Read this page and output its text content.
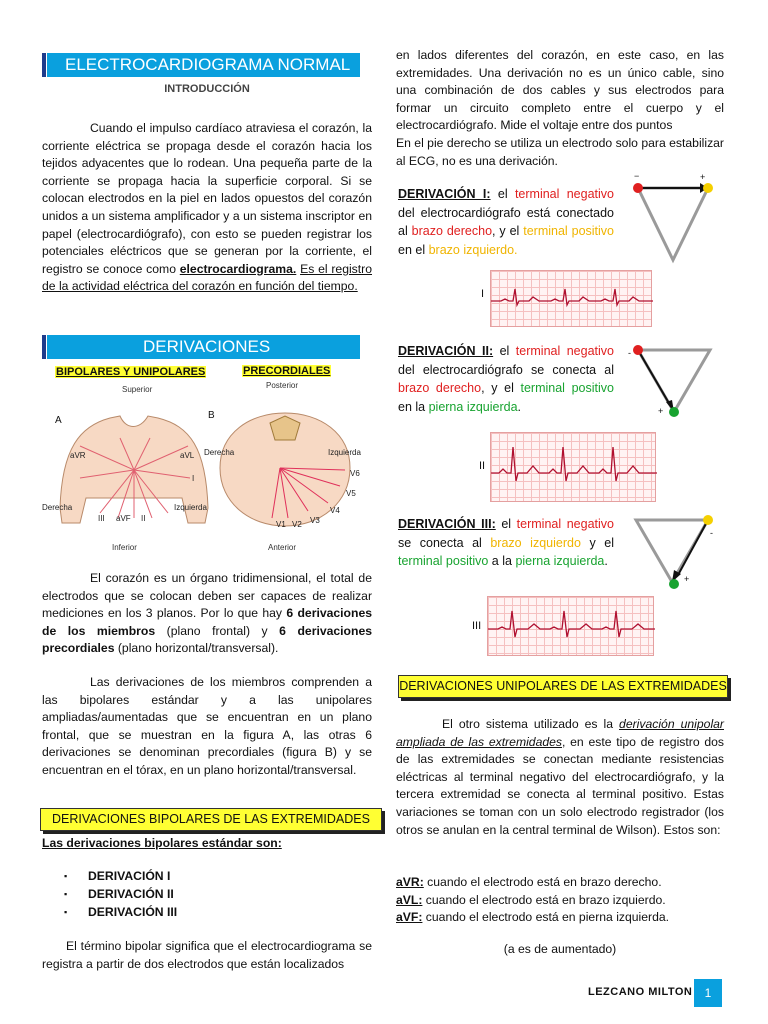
ELECTROCARDIOGRAMA NORMAL
INTRODUCCIÓN

Cuando el impulso cardíaco atraviesa el corazón, la corriente eléctrica se propaga desde el corazón hacia los tejidos adyacentes que lo rodean. Una pequeña parte de la corriente se propaga hacia la superficie corporal. Si se colocan electrodos en la piel en lados opuestos del corazón unidos a un sistema amplificador y a un sistema inscriptor en papel (electrocardiógrafo), con esto se pueden registrar los potenciales eléctricos que se generan por la corriente, el registro se conoce como electrocardiograma. Es el registro de la actividad eléctrica del corazón en función del tiempo.

DERIVACIONES
BIPOLARES Y UNIPOLARES	PRECORDIALES
Superior
A
aVR	aVL
I
III aVF II
Derecha	Izquierda
Inferior
Posterior
B
Derecha	Izquierda
V6
V5
V4
V3
V2
V1
Anterior

El corazón es un órgano tridimensional, el total de electrodos que se colocan deben ser capaces de realizar mediciones en los 3 planos. Por lo que hay 6 derivaciones de los miembros (plano frontal) y 6 derivaciones precordiales (plano horizontal/transversal).

Las derivaciones de los miembros comprenden a las bipolares estándar y a las unipolares ampliadas/aumentadas que se encuentran en un plano frontal, que se muestran en la figura A, las otras 6 derivaciones se denominan precordiales (figura B) y se encuentran en el tórax, en un plano horizontal/transversal.

DERIVACIONES BIPOLARES DE LAS EXTREMIDADES

Las derivaciones bipolares estándar son:

▪ DERIVACIÓN I
▪ DERIVACIÓN II
▪ DERIVACIÓN III

El término bipolar significa que el electrocardiograma se registra a partir de dos electrodos que están localizados

en lados diferentes del corazón, en este caso, en las extremidades. Una derivación no es un único cable, sino una combinación de dos cables y sus electrodos para formar un circuito completo entre el cuerpo y el electrocardiógrafo. Mide el voltaje entre dos puntos

En el pie derecho se utiliza un electrodo solo para estabilizar al ECG, no es una derivación.

DERIVACIÓN I: el terminal negativo del electrocardiógrafo está conectado al brazo derecho, y el terminal positivo en el brazo izquierdo.

−	+
I

DERIVACIÓN II: el terminal negativo del electrocardiógrafo se conecta al brazo derecho, y el terminal positivo en la pierna izquierda.

-
+
II

DERIVACIÓN III: el terminal negativo se conecta al brazo izquierdo y el terminal positivo a la pierna izquierda.

-
+
III
DERIVACIONES UNIPOLARES DE LAS EXTREMIDADES

El otro sistema utilizado es la derivación unipolar ampliada de las extremidades, en este tipo de registro dos de las extremidades se conectan mediante resistencias eléctricas al terminal negativo del electrocardiógrafo, y la tercera extremidad se conecta al terminal positivo. Estas variaciones se toman con un solo electrodo registrador (los otros se anulan en la central terminal de Wilson). Estos son:

aVR: cuando el electrodo está en brazo derecho.

aVL: cuando el electrodo está en brazo izquierdo.

aVF: cuando el electrodo está en pierna izquierda.

(a es de aumentado)
LEZCANO MILTON 1
